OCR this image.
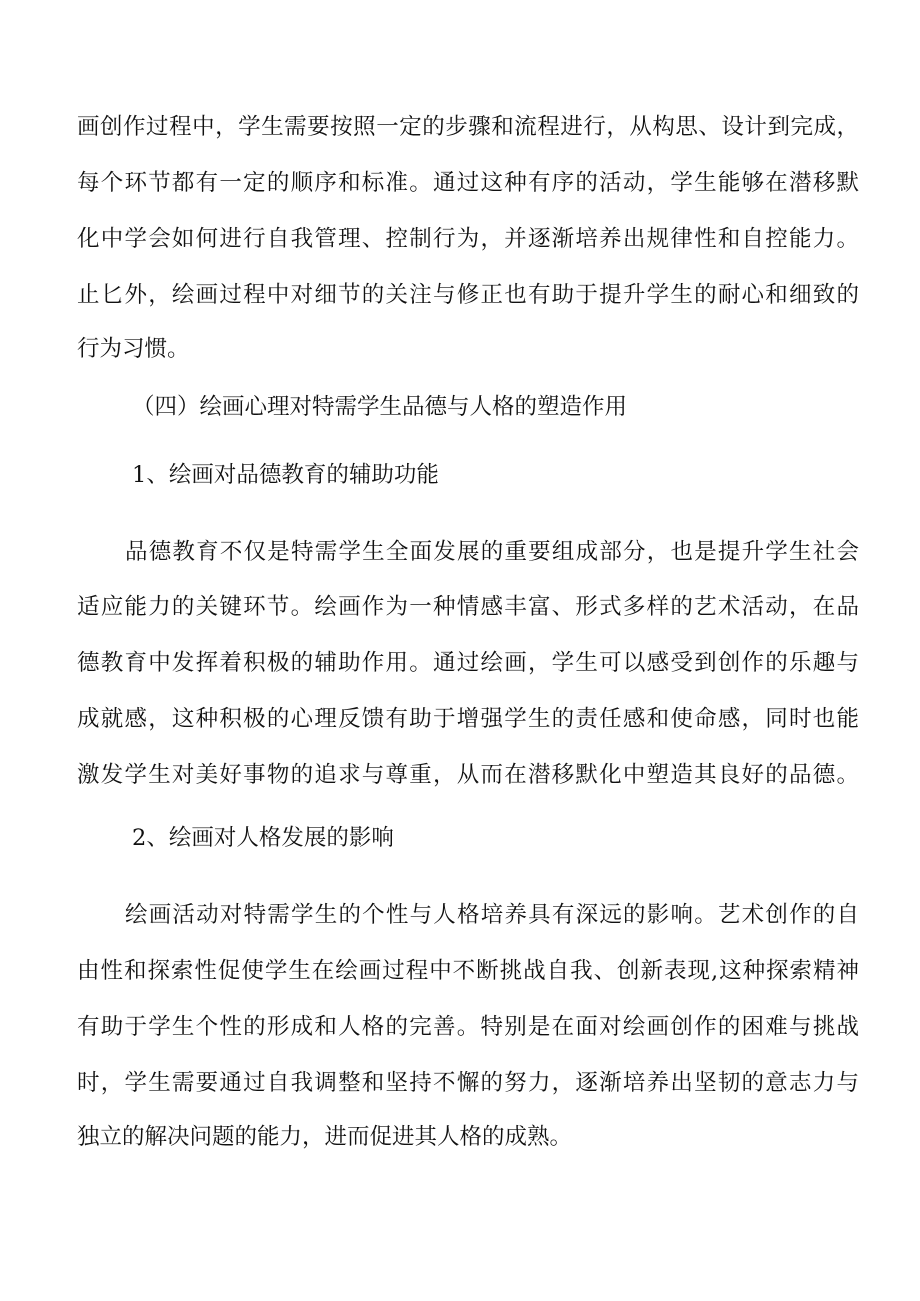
画创作过程中，学生需要按照一定的步骤和流程进行，从构思、设计到完成，
每个环节都有一定的顺序和标准。通过这种有序的活动，学生能够在潜移默
化中学会如何进行自我管理、控制行为，并逐渐培养出规律性和自控能力。
止匕外，绘画过程中对细节的关注与修正也有助于提升学生的耐心和细致的
行为习惯。
（四）绘画心理对特需学生品德与人格的塑造作用
1、绘画对品德教育的辅助功能
品德教育不仅是特需学生全面发展的重要组成部分，也是提升学生社会
适应能力的关键环节。绘画作为一种情感丰富、形式多样的艺术活动，在品
德教育中发挥着积极的辅助作用。通过绘画，学生可以感受到创作的乐趣与
成就感，这种积极的心理反馈有助于增强学生的责任感和使命感，同时也能
激发学生对美好事物的追求与尊重，从而在潜移默化中塑造其良好的品德。
2、绘画对人格发展的影响
绘画活动对特需学生的个性与人格培养具有深远的影响。艺术创作的自
由性和探索性促使学生在绘画过程中不断挑战自我、创新表现,这种探索精神
有助于学生个性的形成和人格的完善。特别是在面对绘画创作的困难与挑战
时，学生需要通过自我调整和坚持不懈的努力，逐渐培养出坚韧的意志力与
独立的解决问题的能力，进而促进其人格的成熟。
